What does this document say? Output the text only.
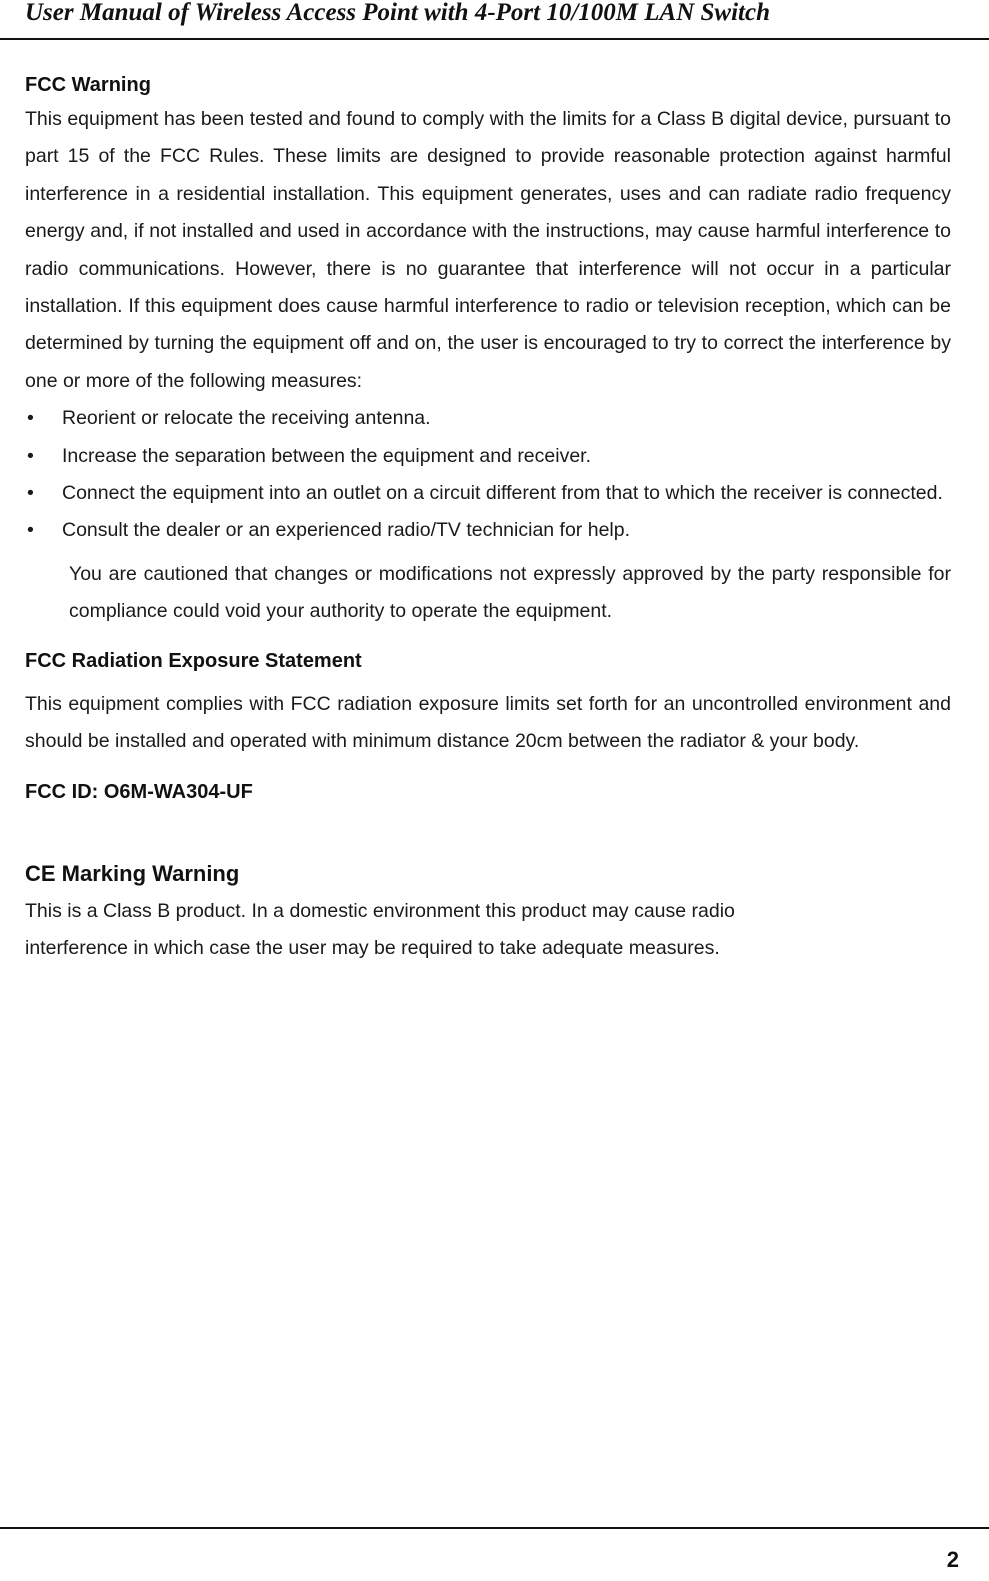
User Manual of Wireless Access Point with 4-Port 10/100M LAN Switch
FCC Warning

This equipment has been tested and found to comply with the limits for a Class B digital device, pursuant to part 15 of the FCC Rules. These limits are designed to provide reasonable protection against harmful interference in a residential installation. This equipment generates, uses and can radiate radio frequency energy and, if not installed and used in accordance with the instructions, may cause harmful interference to radio communications. However, there is no guarantee that interference will not occur in a particular installation. If this equipment does cause harmful interference to radio or television reception, which can be determined by turning the equipment off and on, the user is encouraged to try to correct the interference by one or more of the following measures:

• Reorient or relocate the receiving antenna.
• Increase the separation between the equipment and receiver.
• Connect the equipment into an outlet on a circuit different from that to which the receiver is connected.
• Consult the dealer or an experienced radio/TV technician for help.

You are cautioned that changes or modifications not expressly approved by the party responsible for compliance could void your authority to operate the equipment.

FCC Radiation Exposure Statement

This equipment complies with FCC radiation exposure limits set forth for an uncontrolled environment and should be installed and operated with minimum distance 20cm between the radiator & your body.

FCC ID: O6M-WA304-UF
CE Marking Warning

This is a Class B product. In a domestic environment this product may cause radio
interference in which case the user may be required to take adequate measures.

2
